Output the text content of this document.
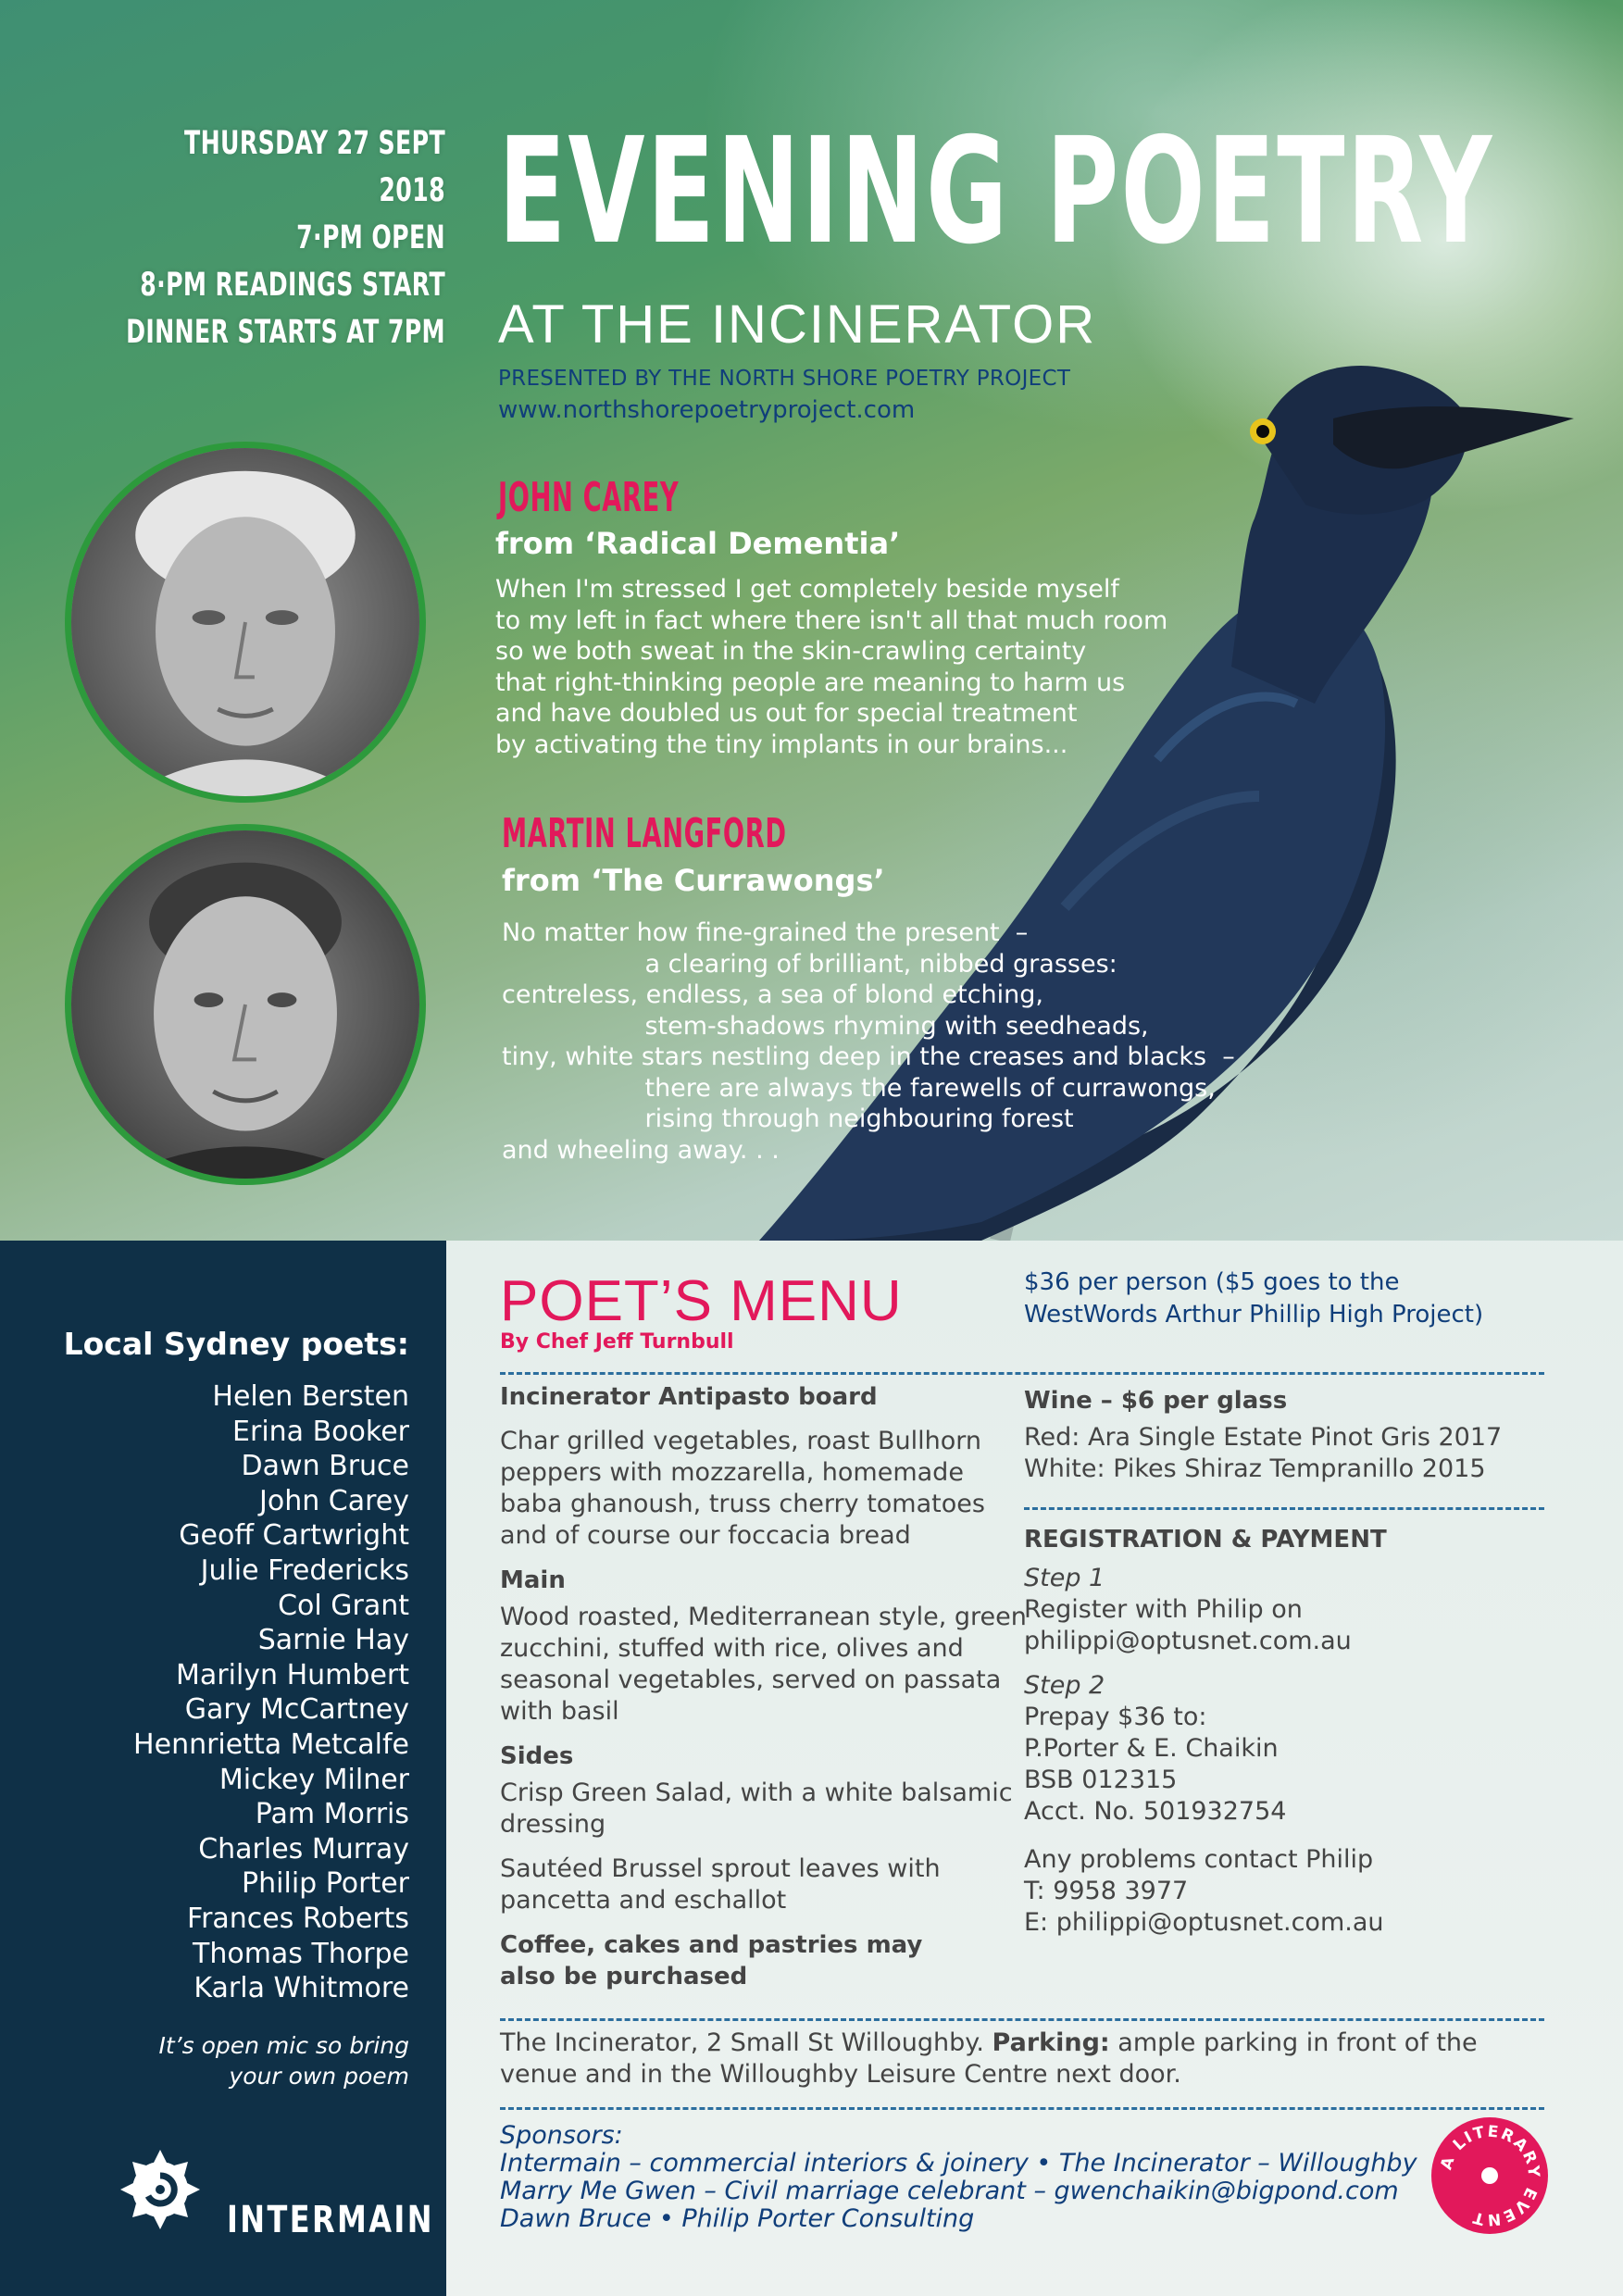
THURSDAY 27 SEPT 2018
7·PM OPEN
8·PM READINGS START
DINNER STARTS AT 7PM
EVENING POETRY
AT THE INCINERATOR
PRESENTED BY THE NORTH SHORE POETRY PROJECT
www.northshorepoetryproject.com
JOHN CAREY
from ‘Radical Dementia’
When I'm stressed I get completely beside myself
to my left in fact where there isn't all that much room
so we both sweat in the skin-crawling certainty
that right-thinking people are meaning to harm us
and have doubled us out for special treatment
by activating the tiny implants in our brains...
MARTIN LANGFORD
from ‘The Currawongs’
No matter how fine-grained the present  –
a clearing of brilliant, nibbed grasses:
centreless, endless, a sea of blond etching,
stem-shadows rhyming with seedheads,
tiny, white stars nestling deep in the creases and blacks  –
there are always the farewells of currawongs,
rising through neighbouring forest
and wheeling away. . .
Local Sydney poets:
Helen Bersten
Erina Booker
Dawn Bruce
John Carey
Geoff Cartwright
Julie Fredericks
Col Grant
Sarnie Hay
Marilyn Humbert
Gary McCartney
Hennrietta Metcalfe
Mickey Milner
Pam Morris
Charles Murray
Philip Porter
Frances Roberts
Thomas Thorpe
Karla Whitmore
It’s open mic so bring
your own poem
INTERMAIN
POET’S MENU
By Chef Jeff Turnbull
$36 per person ($5 goes to the
WestWords Arthur Phillip High Project)
Incinerator Antipasto board
Char grilled vegetables, roast Bullhorn peppers with mozzarella, homemade baba ghanoush, truss cherry tomatoes and of course our foccacia bread
Main
Wood roasted, Mediterranean style, green zucchini, stuffed with rice, olives and seasonal vegetables, served on passata with basil
Sides
Crisp Green Salad, with a white balsamic dressing
Sautéed Brussel sprout leaves with pancetta and eschallot
Coffee, cakes and pastries may
also be purchased
Wine – $6 per glass
Red: Ara Single Estate Pinot Gris 2017
White: Pikes Shiraz Tempranillo 2015
REGISTRATION & PAYMENT
Step 1
Register with Philip on
philippi@optusnet.com.au
Step 2
Prepay $36 to:
P.Porter & E. Chaikin
BSB 012315
Acct. No. 501932754
Any problems contact Philip
T: 9958 3977
E: philippi@optusnet.com.au
The Incinerator, 2 Small St Willoughby. Parking: ample parking in front of the venue and in the Willoughby Leisure Centre next door.
Sponsors:
Intermain – commercial interiors & joinery • The Incinerator – Willoughby
Marry Me Gwen – Civil marriage celebrant – gwenchaikin@bigpond.com
Dawn Bruce • Philip Porter Consulting
A LITERARY EVENT
